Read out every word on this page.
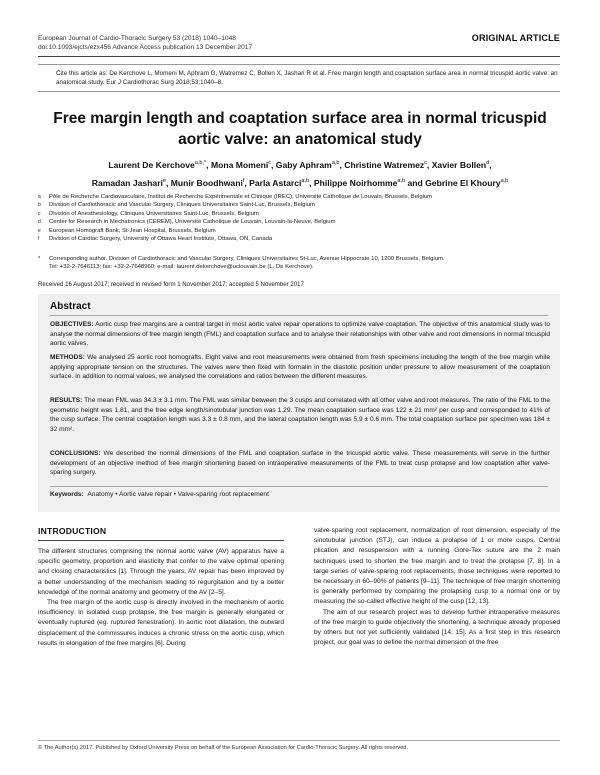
European Journal of Cardio-Thoracic Surgery 53 (2018) 1040–1048
doi:10.1093/ejcts/ezx456 Advance Access publication 13 December 2017
ORIGINAL ARTICLE
Cite this article as: De Kerchove L, Momeni M, Aphram G, Watremez C, Bollen X, Jashari R et al. Free margin length and coaptation surface area in normal tricuspid aortic valve: an anatomical study. Eur J Cardiothorac Surg 2018;53:1040–8.
Free margin length and coaptation surface area in normal tricuspid
aortic valve: an anatomical study
Laurent De Kerchove$^{a,b,*}$, Mona Momeni$^c$, Gaby Aphram$^{a,b}$, Christine Watremez$^c$, Xavier Bollen$^d$,
Ramadan Jashari$^e$, Munir Boodhwani$^f$, Parla Astarci$^{a,b}$, Philippe Noirhomme$^{a,b}$ and Gebrine El Khoury$^{a,b}$
a	Pôle de Recherche Cardiovasculaire, Institut de Recherche Expérimentale et Clinique (IREC), Université Catholique de Louvain, Brussels, Belgium
b	Division of Cardiothoracic and Vascular Surgery, Cliniques Universitaires Saint-Luc, Brussels, Belgium
c	Division of Anesthesiology, Cliniques Universitaires Saint-Luc, Brussels, Belgium
d	Center for Research in Mechatronics (CEREM), Université Catholique de Louvain, Louvain-la-Neuve, Belgium
e	European Homograft Bank, St-Jean Hospital, Brussels, Belgium
f	Division of Cardiac Surgery, University of Ottawa Heart Institute, Ottawa, ON, Canada
*	Corresponding author. Division of Cardiothoracic and Vascular Surgery, Cliniques Universitaires St-Luc, Avenue Hippocrate 10, 1200 Brussels, Belgium.
Tel: +32-2-7646113; fax: +32-2-7648960; e-mail: laurent.dekerchove@uclouvain.be (L. De Kerchove).
Received 16 August 2017; received in revised form 1 November 2017; accepted 5 November 2017
Abstract
OBJECTIVES: Aortic cusp free margins are a central target in most aortic valve repair operations to optimize valve coaptation. The objective of this anatomical study was to analyse the normal dimensions of free margin length (FML) and coaptation surface and to analyse their relationships with other valve and root dimensions in normal tricuspid aortic valves.
METHODS: We analysed 25 aortic root homografts. Eight valve and root measurements were obtained from fresh specimens including the length of the free margin while applying appropriate tension on the structures. The valves were then fixed with formalin in the diastolic position under pressure to allow measurement of the coaptation surface. In addition to normal values, we analysed the correlations and ratios between the different measures.
RESULTS: The mean FML was 34.3 ± 3.1 mm. The FML was similar between the 3 cusps and correlated with all other valve and root measures. The ratio of the FML to the geometric height was 1.81, and the free edge length/sinotubular junction was 1.29. The mean coaptation surface was 122 ± 21 mm² per cusp and corresponded to 41% of the cusp surface. The central coaptation length was 3.3 ± 0.8 mm, and the lateral coaptation length was 5.9 ± 0.6 mm. The total coaptation surface per specimen was 184 ± 32 mm².
CONCLUSIONS: We described the normal dimensions of the FML and coaptation surface in the tricuspid aortic valve. These measurements will serve in the further development of an objective method of free margin shortening based on intraoperative measurements of the FML to treat cusp prolapse and low coaptation after valve-sparing surgery.
Keywords: Anatomy • Aortic valve repair • Valve-sparing root replacement
INTRODUCTION

The different structures comprising the normal aortic valve (AV) apparatus have a specific geometry, proportion and elasticity that confer to the valve optimal opening and closing characteristics [1]. Through the years, AV repair has been improved by a better understanding of the mechanism leading to regurgitation and by a better knowledge of the normal anatomy and geometry of the AV [2–5].

The free margin of the aortic cusp is directly involved in the mechanism of aortic insufficiency. In isolated cusp prolapse, the free margin is generally elongated or eventually ruptured (eg. ruptured fenestration). In aortic root dilatation, the outward displacement of the commissures induces a chronic stress on the aortic cusp, which results in elongation of the free margins [6]. During

valve-sparing root replacement, normalization of root dimension, especially of the sinotubular junction (STJ), can induce a prolapse of 1 or more cusps. Central plication and resuspension with a running Gore-Tex suture are the 2 main techniques used to shorten the free margin and to treat the prolapse [7, 8]. In a large series of valve-sparing root replacements, those techniques were reported to be necessary in 60–90% of patients [9–11]. The technique of free margin shortening is generally performed by comparing the prolapsing cusp to a normal one or by measuring the so-called effective height of the cusp [12, 13].

The aim of our research project was to develop further intraoperative measures of the free margin to guide objectively the shortening, a technique already proposed by others but not yet sufficiently validated [14, 15]. As a first step in this research project, our goal was to define the normal dimension of the free

© The Author(s) 2017. Published by Oxford University Press on behalf of the European Association for Cardio-Thoracic Surgery. All rights reserved.
